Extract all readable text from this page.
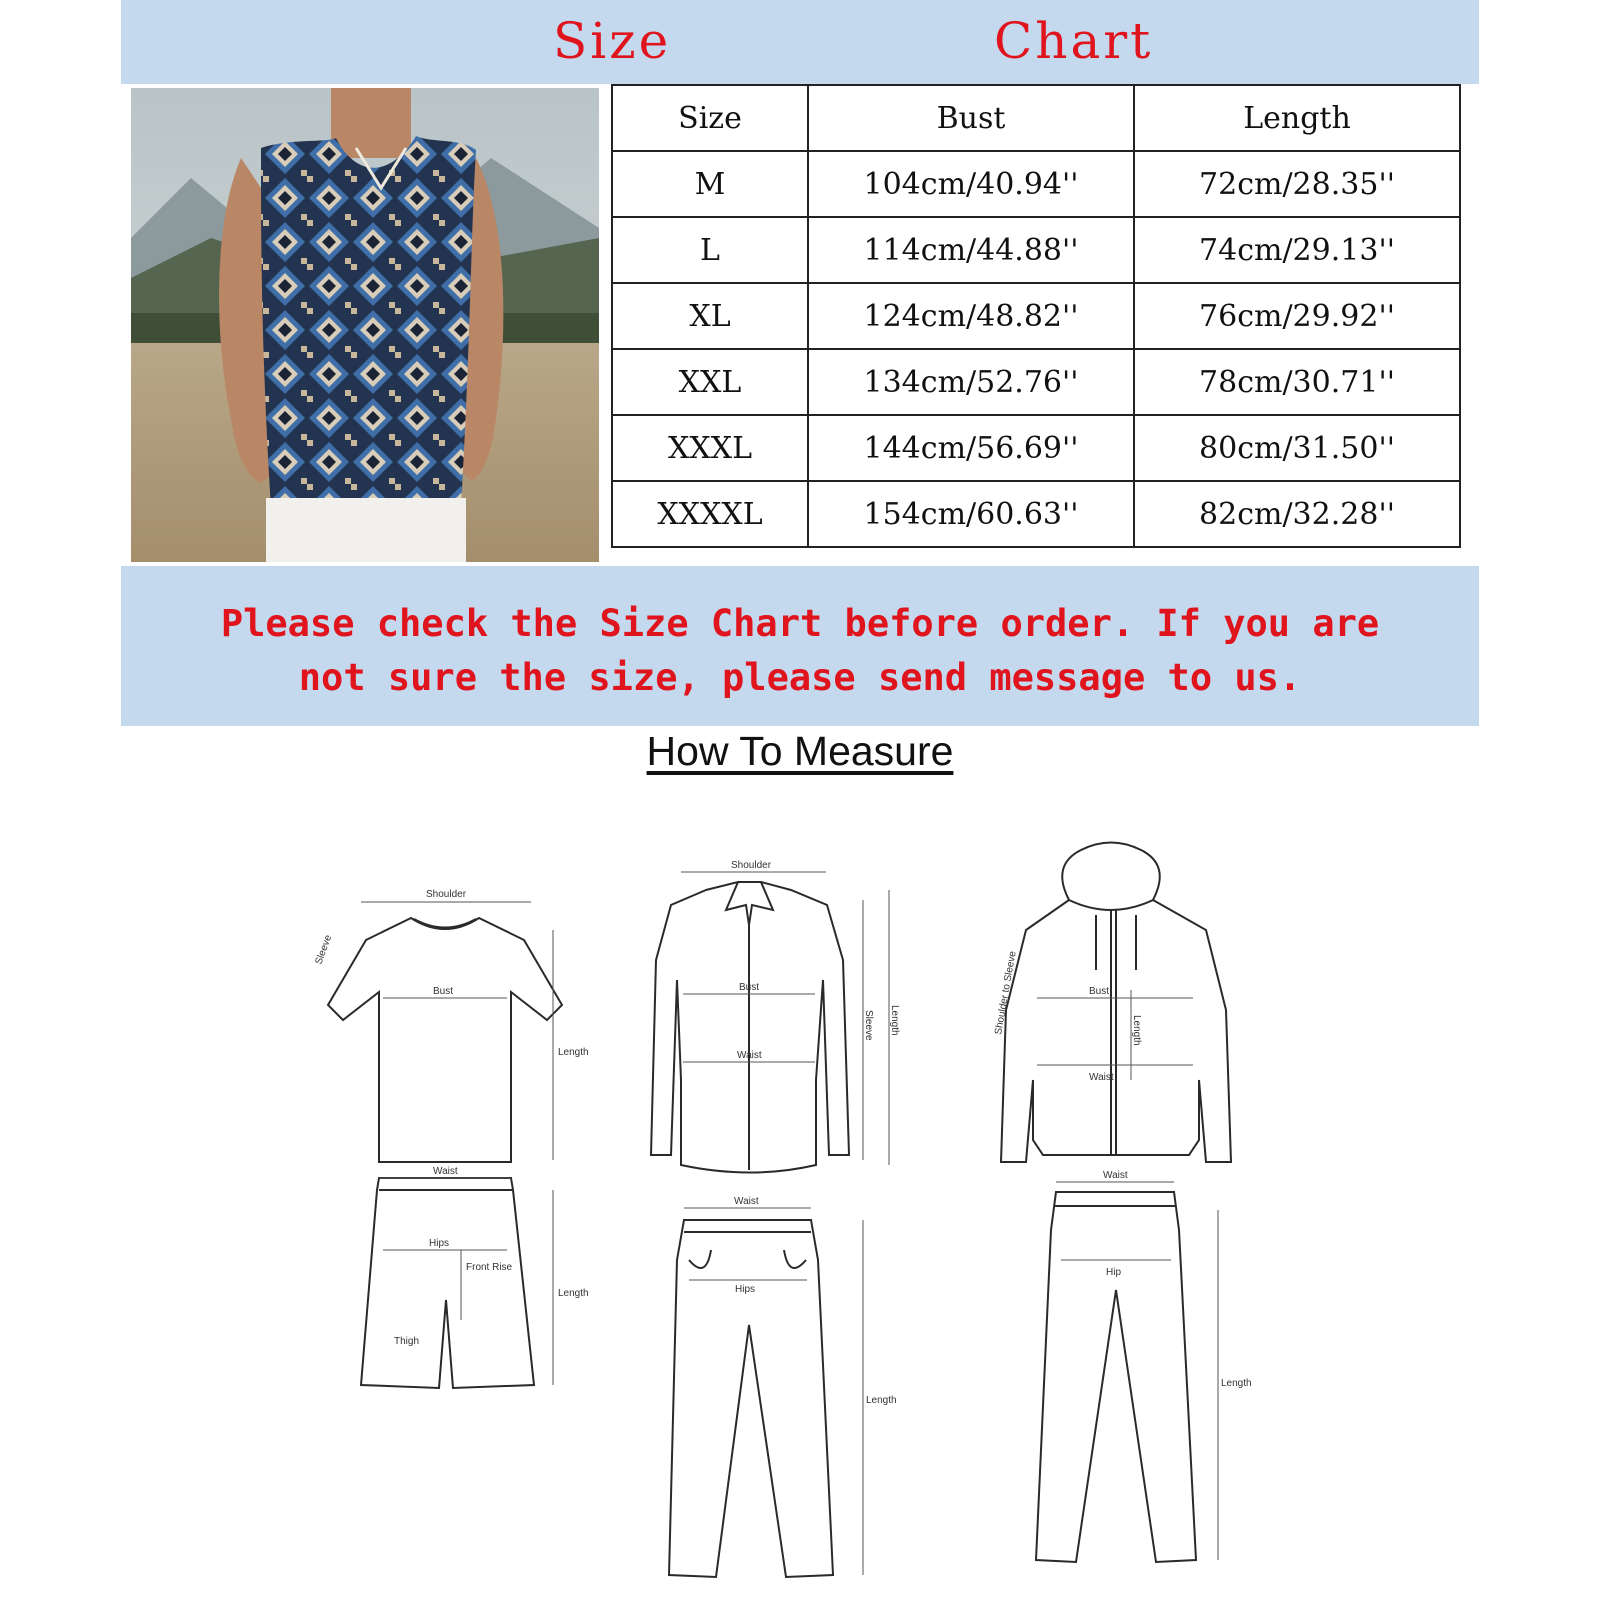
Size	Chart
Size	Bust	Length
M	104cm/40.94''	72cm/28.35''
L	114cm/44.88''	74cm/29.13''
XL	124cm/48.82''	76cm/29.92''
XXL	134cm/52.76''	78cm/30.71''
XXXL	144cm/56.69''	80cm/31.50''
XXXXL	154cm/60.63''	82cm/32.28''
Please check the Size Chart before order. If you are
not sure the size, please send message to us.
How To Measure
Shoulder
Sleeve
Bust
Length
Waist
Hips
Front Rise
Length
Thigh
Shoulder
Bust
Waist
Sleeve Length
Waist
Hips
Length
Shoulder to Sleeve	Bust
Length
Waist
Waist
Hip
Length
